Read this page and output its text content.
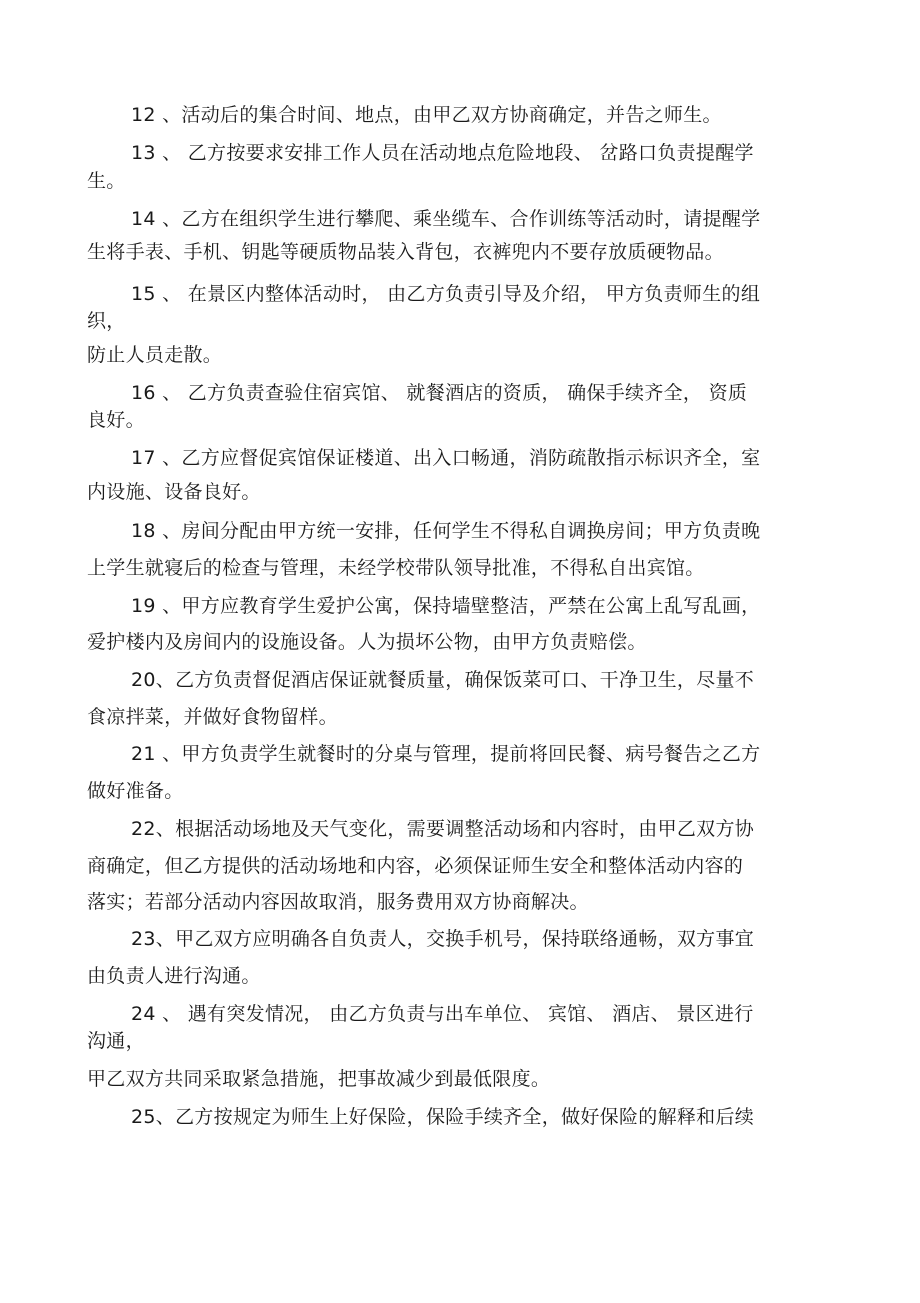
12 、活动后的集合时间、地点，由甲乙双方协商确定，并告之师生。
13 、 乙方按要求安排工作人员在活动地点危险地段、 岔路口负责提醒学
生。
14 、乙方在组织学生进行攀爬、乘坐缆车、合作训练等活动时，请提醒学
生将手表、手机、钥匙等硬质物品装入背包，衣裤兜内不要存放质硬物品。
15 、 在景区内整体活动时， 由乙方负责引导及介绍， 甲方负责师生的组
织，
防止人员走散。
16 、 乙方负责查验住宿宾馆、 就餐酒店的资质， 确保手续齐全， 资质
良好。
17 、乙方应督促宾馆保证楼道、出入口畅通，消防疏散指示标识齐全，室
内设施、设备良好。
18 、房间分配由甲方统一安排，任何学生不得私自调换房间；甲方负责晚
上学生就寝后的检查与管理，未经学校带队领导批准，不得私自出宾馆。
19 、甲方应教育学生爱护公寓，保持墙壁整洁，严禁在公寓上乱写乱画，
爱护楼内及房间内的设施设备。人为损坏公物，由甲方负责赔偿。
20、乙方负责督促酒店保证就餐质量，确保饭菜可口、干净卫生，尽量不
食凉拌菜，并做好食物留样。
21 、甲方负责学生就餐时的分桌与管理，提前将回民餐、病号餐告之乙方
做好准备。
22、根据活动场地及天气变化，需要调整活动场和内容时，由甲乙双方协
商确定，但乙方提供的活动场地和内容，必须保证师生安全和整体活动内容的
落实；若部分活动内容因故取消，服务费用双方协商解决。
23、甲乙双方应明确各自负责人，交换手机号，保持联络通畅，双方事宜
由负责人进行沟通。
24 、 遇有突发情况， 由乙方负责与出车单位、 宾馆、 酒店、 景区进行
沟通，
甲乙双方共同采取紧急措施，把事故减少到最低限度。
25、乙方按规定为师生上好保险，保险手续齐全，做好保险的解释和后续
